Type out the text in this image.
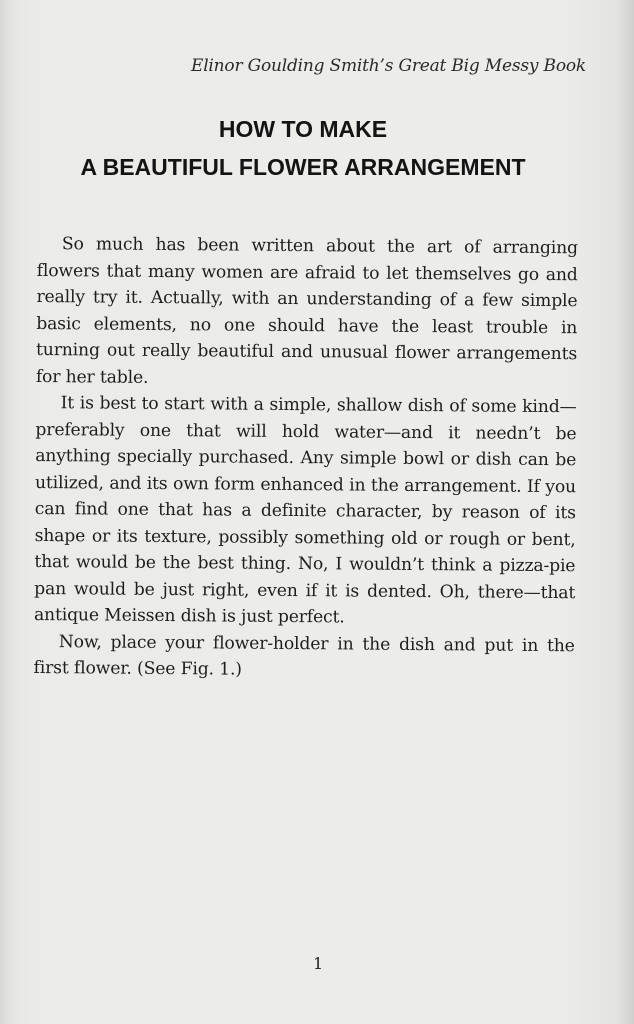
Elinor Goulding Smith’s Great Big Messy Book
HOW TO MAKE
A BEAUTIFUL FLOWER ARRANGEMENT

So much has been written about the art of arranging flowers that many women are afraid to let themselves go and really try it. Actually, with an understanding of a few simple basic elements, no one should have the least trouble in turning out really beautiful and unusual flower arrangements for her table.

It is best to start with a simple, shallow dish of some kind—preferably one that will hold water—and it needn’t be anything specially purchased. Any simple bowl or dish can be utilized, and its own form enhanced in the arrangement. If you can find one that has a definite character, by reason of its shape or its texture, possibly something old or rough or bent, that would be the best thing. No, I wouldn’t think a pizza-pie pan would be just right, even if it is dented. Oh, there—that antique Meissen dish is just perfect.

Now, place your flower-holder in the dish and put in the first flower. (See Fig. 1.)

1
